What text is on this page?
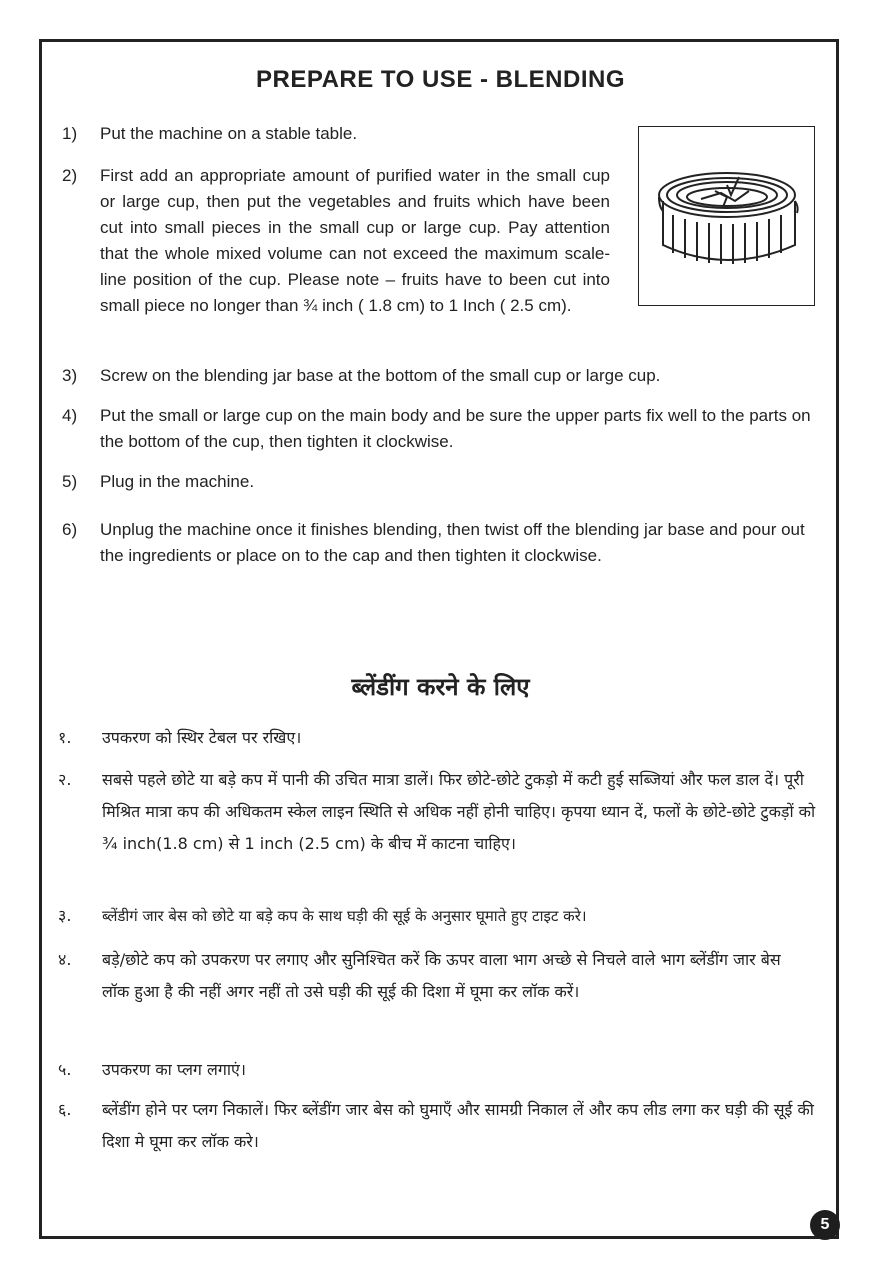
PREPARE TO USE - BLENDING
1) Put the machine on a stable table.
2) First add an appropriate amount of purified water in the small cup or large cup, then put the vegetables and fruits which have been cut into small pieces in the small cup or large cup. Pay attention that the whole mixed volume can not exceed the maximum scale-line position of the cup. Please note – fruits have to been cut into small piece no longer than ¾ inch ( 1.8 cm) to 1 Inch ( 2.5 cm).
3) Screw on the blending jar base at the bottom of the small cup or large cup.
4) Put the small or large cup on the main body and be sure the upper parts fix well to the parts on the bottom of the cup, then tighten it clockwise.
5) Plug in the machine.
6) Unplug the machine once it finishes blending, then twist off the blending jar base and pour out the ingredients or place on to the cap and then tighten it clockwise.
ब्लेंडींग करने के लिए
१. उपकरण को स्थिर टेबल पर रखिए।
२. सबसे पहले छोटे या बड़े कप में पानी की उचित मात्रा डालें। फिर छोटे-छोटे टुकड़ो में कटी हुई सब्जियां और फल डाल दें। पूरी मिश्रित मात्रा कप की अधिकतम स्केल लाइन स्थिति से अधिक नहीं होनी चाहिए। कृपया ध्यान दें, फलों के छोटे-छोटे टुकड़ों को ¾ inch(1.8 cm) से 1 inch (2.5 cm) के बीच में काटना चाहिए।
३. ब्लेंडीगं जार बेस को छोटे या बड़े कप के साथ घड़ी की सूई के अनुसार घूमाते हुए टाइट करे।
४. बड़े/छोटे कप को उपकरण पर लगाए और सुनिश्चित करें कि ऊपर वाला भाग अच्छे से निचले वाले भाग ब्लेंडींग जार बेस लॉक हुआ है की नहीं अगर नहीं तो उसे घड़ी की सूई की दिशा में घूमा कर लॉक करें।
५. उपकरण का प्लग लगाएं।
६. ब्लेंडींग होने पर प्लग निकालें। फिर ब्लेंडींग जार बेस को घुमाएँ और सामग्री निकाल लें और कप लीड लगा कर घड़ी की सूई की दिशा मे घूमा कर लॉक करे।
5
